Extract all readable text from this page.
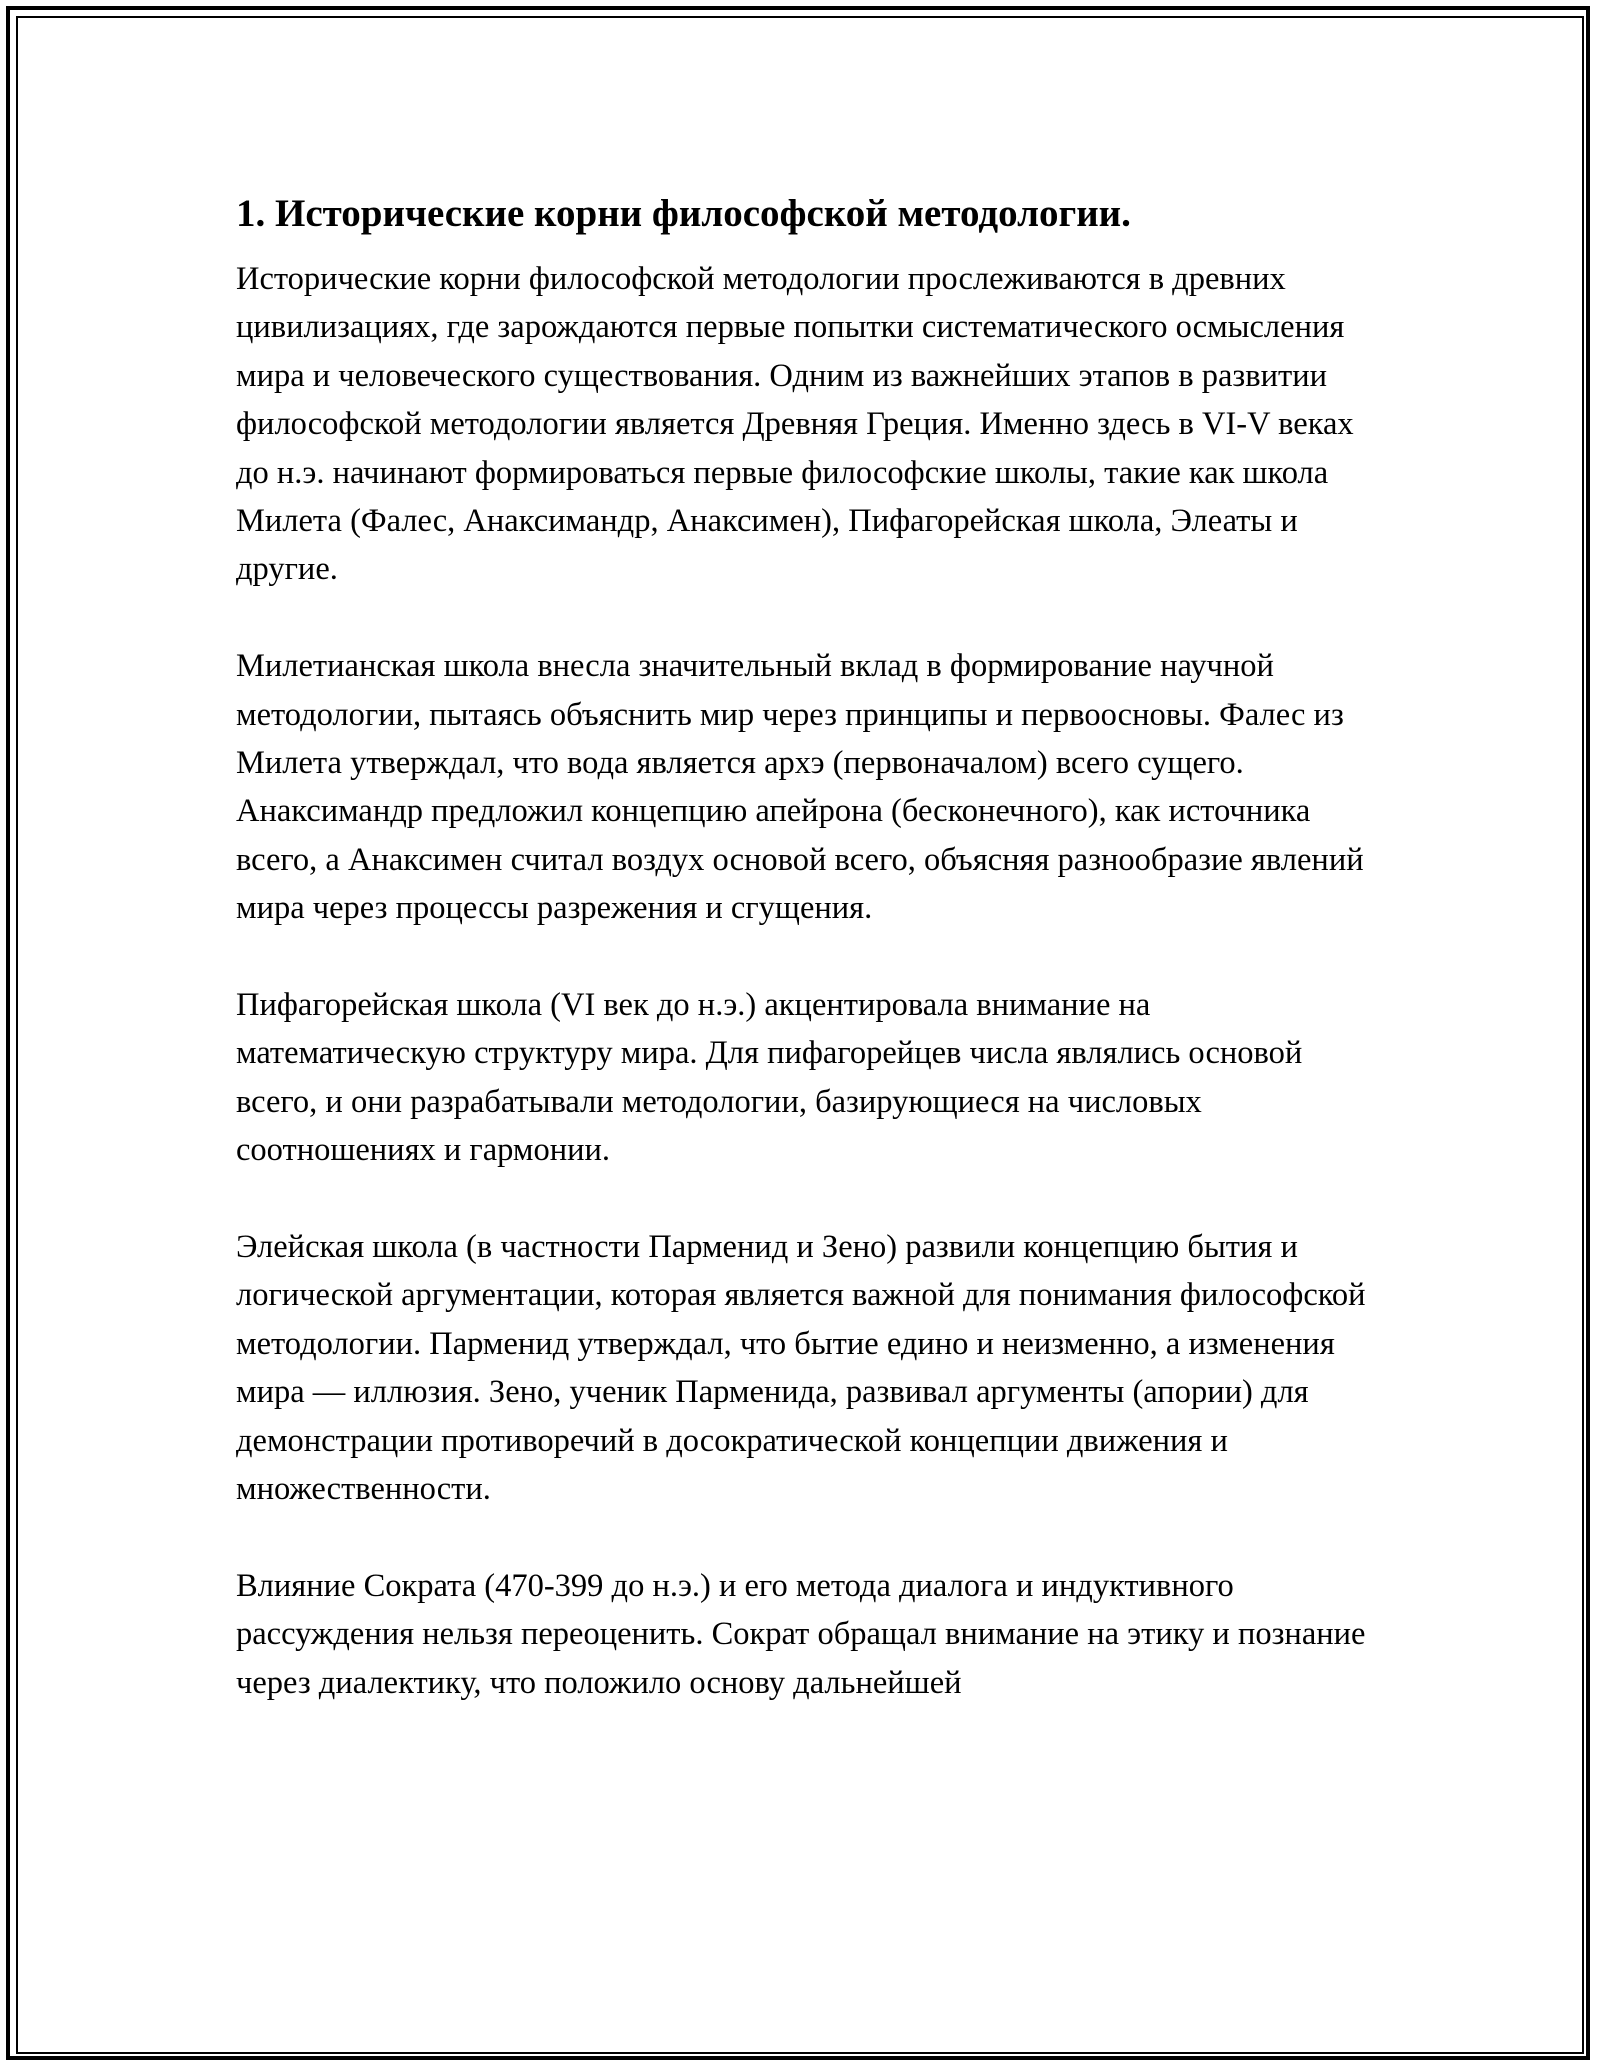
1. Исторические корни философской методологии.

Исторические корни философской методологии прослеживаются в древних цивилизациях, где зарождаются первые попытки систематического осмысления мира и человеческого существования. Одним из важнейших этапов в развитии философской методологии является Древняя Греция. Именно здесь в VI-V веках до н.э. начинают формироваться первые философские школы, такие как школа Милета (Фалес, Анаксимандр, Анаксимен), Пифагорейская школа, Элеаты и другие.

Милетианская школа внесла значительный вклад в формирование научной методологии, пытаясь объяснить мир через принципы и первоосновы. Фалес из Милета утверждал, что вода является архэ (первоначалом) всего сущего. Анаксимандр предложил концепцию апейрона (бесконечного), как источника всего, а Анаксимен считал воздух основой всего, объясняя разнообразие явлений мира через процессы разрежения и сгущения.

Пифагорейская школа (VI век до н.э.) акцентировала внимание на математическую структуру мира. Для пифагорейцев числа являлись основой всего, и они разрабатывали методологии, базирующиеся на числовых соотношениях и гармонии.

Элейская школа (в частности Парменид и Зено) развили концепцию бытия и логической аргументации, которая является важной для понимания философской методологии. Парменид утверждал, что бытие едино и неизменно, а изменения мира — иллюзия. Зено, ученик Парменида, развивал аргументы (апории) для демонстрации противоречий в досократической концепции движения и множественности.

Влияние Сократа (470-399 до н.э.) и его метода диалога и индуктивного рассуждения нельзя переоценить. Сократ обращал внимание на этику и познание через диалектику, что положило основу дальнейшей
